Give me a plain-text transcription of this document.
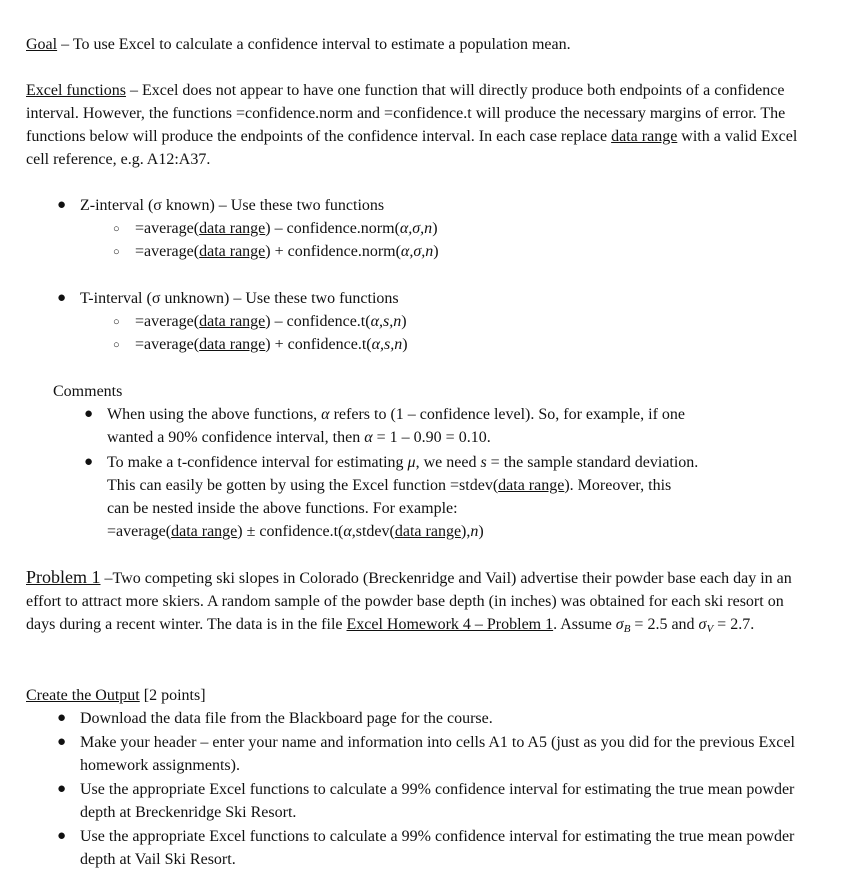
Goal – To use Excel to calculate a confidence interval to estimate a population mean.

Excel functions – Excel does not appear to have one function that will directly produce both endpoints of a confidence interval. However, the functions =confidence.norm and =confidence.t will produce the necessary margins of error. The functions below will produce the endpoints of the confidence interval. In each case replace data range with a valid Excel cell reference, e.g. A12:A37.

● Z-interval (σ known) – Use these two functions
○ =average(data range) – confidence.norm(α,σ,n)
○ =average(data range) + confidence.norm(α,σ,n)
● T-interval (σ unknown) – Use these two functions
○ =average(data range) – confidence.t(α,s,n)
○ =average(data range) + confidence.t(α,s,n)
Comments
● When using the above functions, α refers to (1 – confidence level). So, for example, if one
wanted a 90% confidence interval, then α = 1 – 0.90 = 0.10.
● To make a t-confidence interval for estimating μ, we need s = the sample standard deviation.
This can easily be gotten by using the Excel function =stdev(data range). Moreover, this
can be nested inside the above functions. For example:
=average(data range) ± confidence.t(α,stdev(data range),n)

Problem 1 –Two competing ski slopes in Colorado (Breckenridge and Vail) advertise their powder base each day in an effort to attract more skiers. A random sample of the powder base depth (in inches) was obtained for each ski resort on days during a recent winter. The data is in the file Excel Homework 4 – Problem 1. Assume $\sigma_B = 2.5$ and $\sigma_V = 2.7$.

Create the Output [2 points]
● Download the data file from the Blackboard page for the course.
● Make your header – enter your name and information into cells A1 to A5 (just as you did for the previous Excel homework assignments).
● Use the appropriate Excel functions to calculate a 99% confidence interval for estimating the true mean powder depth at Breckenridge Ski Resort.
● Use the appropriate Excel functions to calculate a 99% confidence interval for estimating the true mean powder depth at Vail Ski Resort.
